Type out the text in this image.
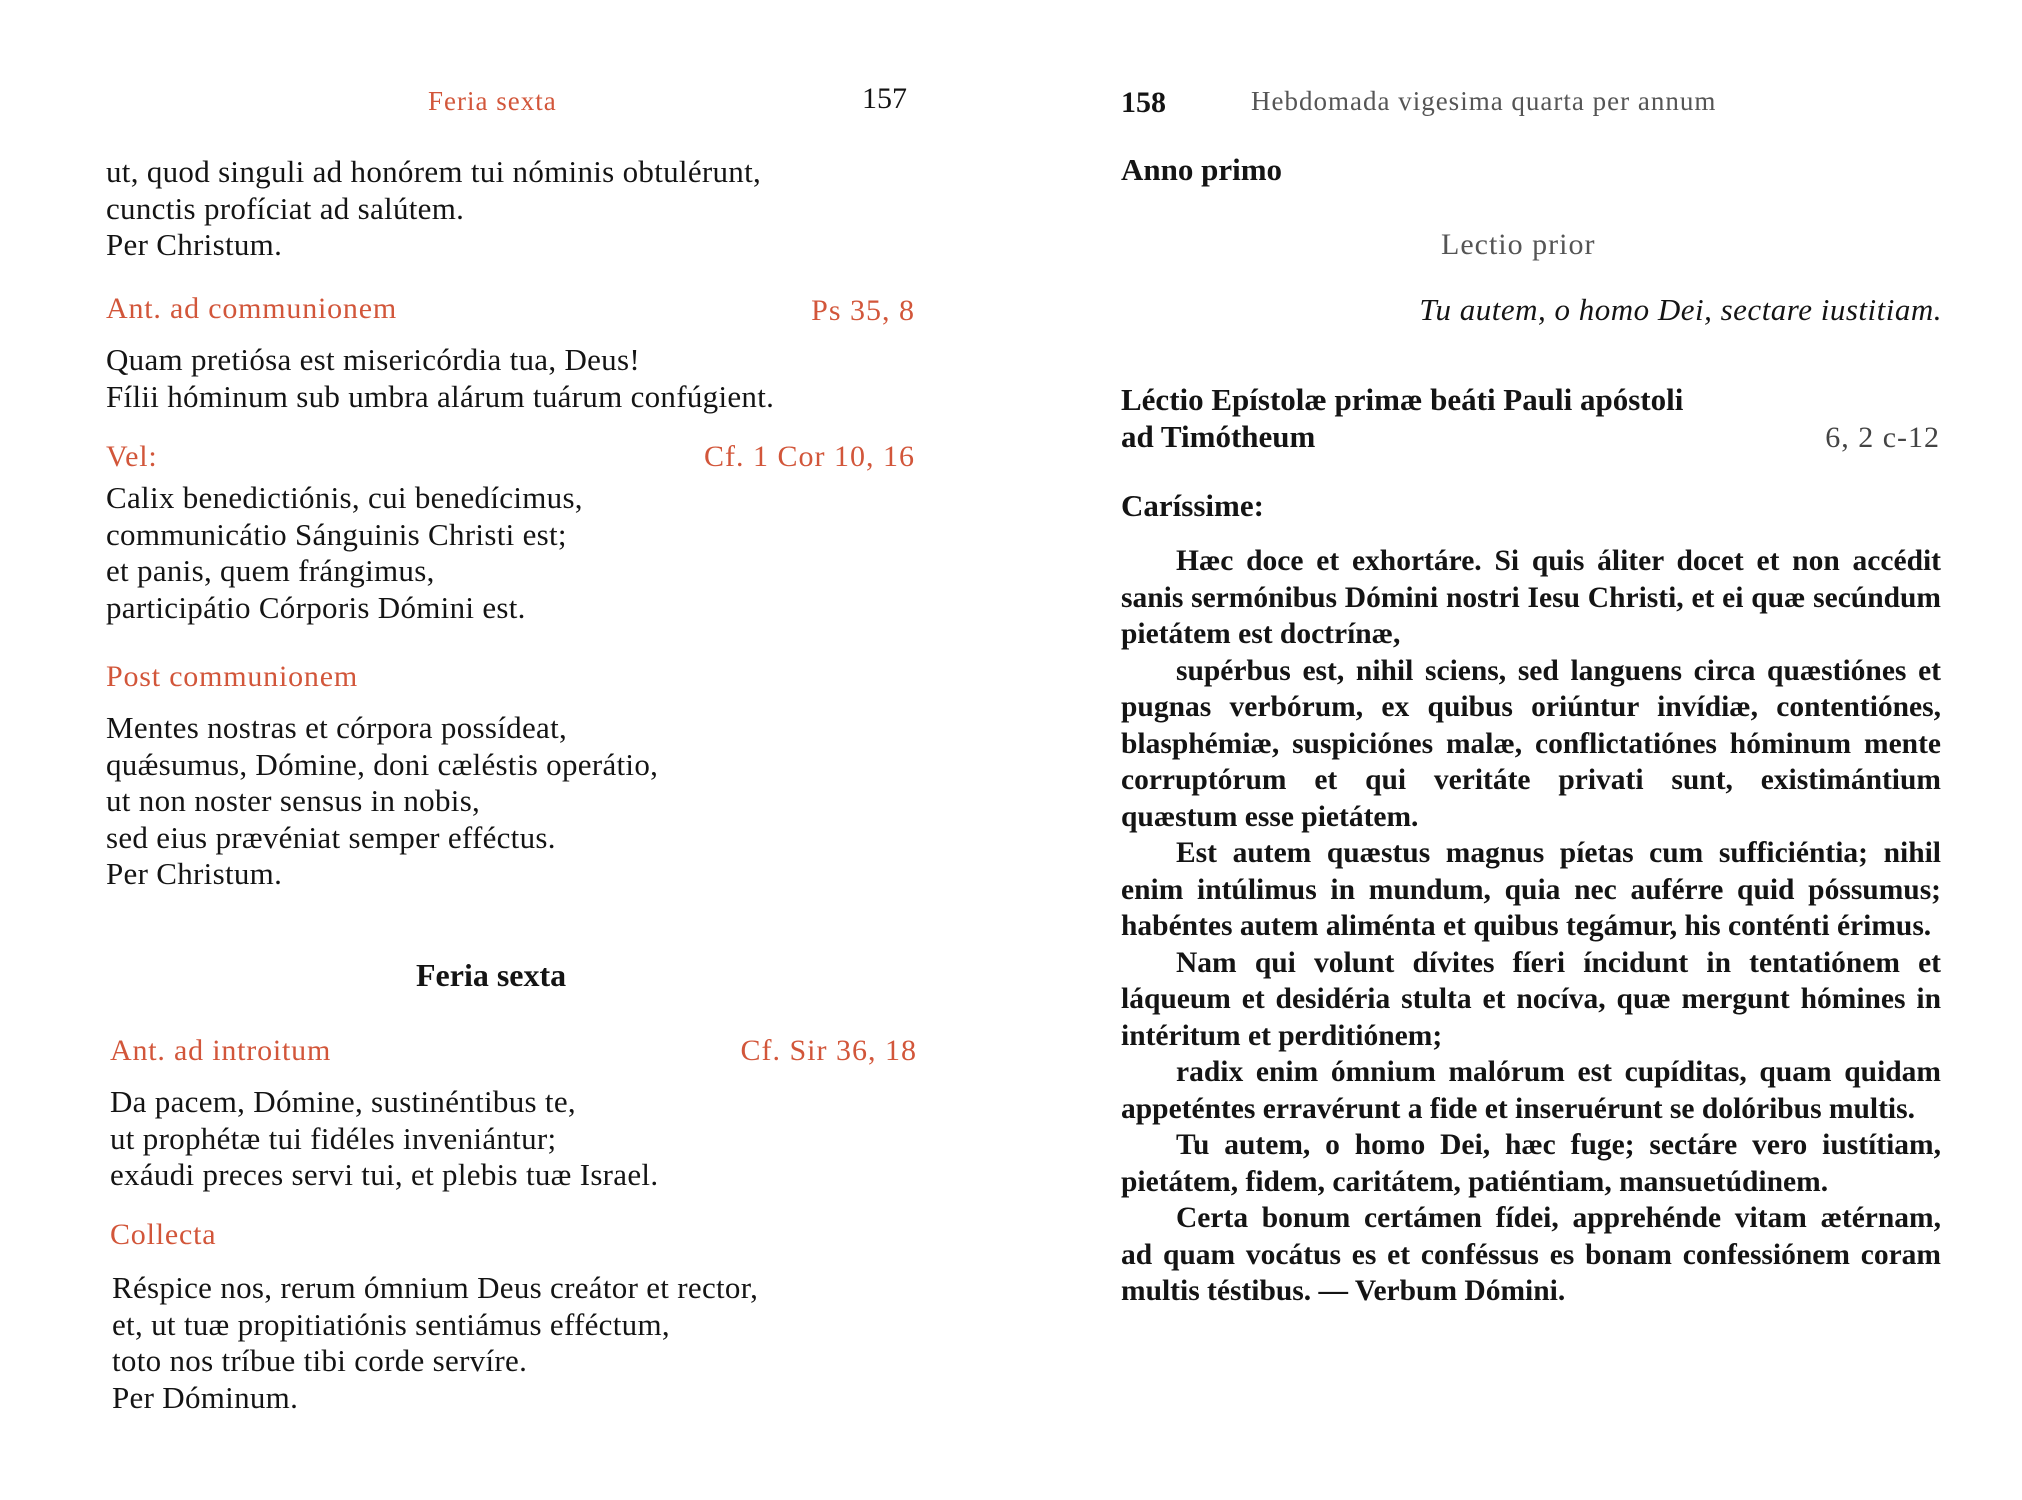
Feria sexta	157
ut, quod singuli ad honórem tui nóminis obtulérunt,
cunctis profíciat ad salútem.
Per Christum.
Ant. ad communionem	Ps 35, 8
Quam pretiósa est misericórdia tua, Deus!
Fílii hóminum sub umbra alárum tuárum confúgient.
Vel:	Cf. 1 Cor 10, 16
Calix benedictiónis, cui benedícimus,
communicátio Sánguinis Christi est;
et panis, quem frángimus,
participátio Córporis Dómini est.
Post communionem
Mentes nostras et córpora possídeat,
quǽsumus, Dómine, doni cæléstis operátio,
ut non noster sensus in nobis,
sed eius prævéniat semper efféctus.
Per Christum.
Feria sexta
Ant. ad introitum	Cf. Sir 36, 18
Da pacem, Dómine, sustinéntibus te,
ut prophétæ tui fidéles inveniántur;
exáudi preces servi tui, et plebis tuæ Israel.
Collecta
Réspice nos, rerum ómnium Deus creátor et rector,
et, ut tuæ propitiatiónis sentiámus efféctum,
toto nos tríbue tibi corde servíre.
Per Dóminum.
158	Hebdomada vigesima quarta per annum
Anno primo
Lectio prior
Tu autem, o homo Dei, sectare iustitiam.
Léctio Epístolæ primæ beáti Pauli apóstoli
ad Timótheum	6, 2 c-12
Caríssime:

Hæc doce et exhortáre. Si quis áliter docet et non accédit sanis sermónibus Dómini nostri Iesu Christi, et ei quæ secúndum pietátem est doctrínæ,

supérbus est, nihil sciens, sed languens circa quæstiónes et pugnas verbórum, ex quibus oriúntur invídiæ, contentiónes, blasphémiæ, suspiciónes malæ, conflictatiónes hóminum mente corruptórum et qui veritáte privati sunt, existimántium quæstum esse pietátem.

Est autem quæstus magnus píetas cum sufficiéntia; nihil enim intúlimus in mundum, quia nec auférre quid póssumus; habéntes autem aliménta et quibus tegámur, his conténti érimus.

Nam qui volunt dívites fíeri íncidunt in tentatiónem et láqueum et desidéria stulta et nocíva, quæ mergunt hómines in intéritum et perditiónem;

radix enim ómnium malórum est cupíditas, quam quidam appeténtes erravérunt a fide et inseruérunt se dolóribus multis.

Tu autem, o homo Dei, hæc fuge; sectáre vero iustítiam, pietátem, fidem, caritátem, patiéntiam, mansuetúdinem.

Certa bonum certámen fídei, apprehénde vitam ætérnam, ad quam vocátus es et conféssus es bonam confessiónem coram multis téstibus. — Verbum Dómini.
